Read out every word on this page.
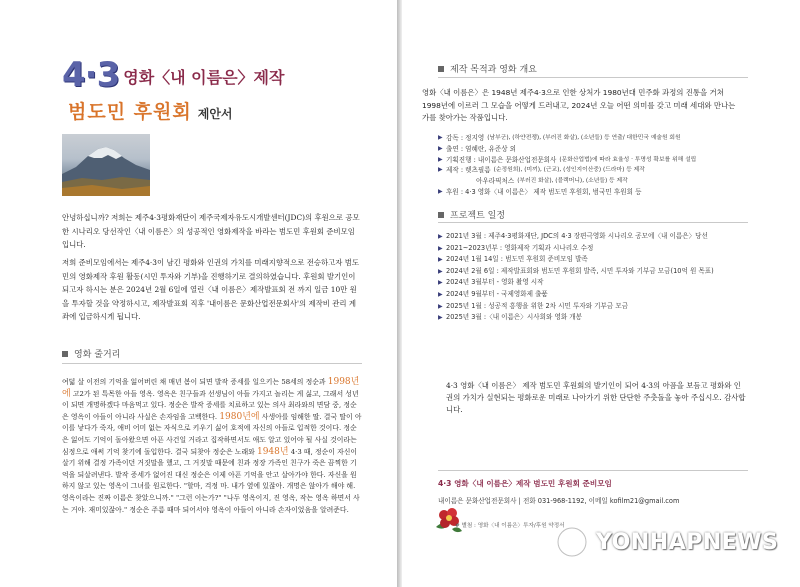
4·3 영화〈내 이름은〉제작
범도민 후원회 제안서
안녕하십니까? 저희는 제주4·3평화재단이 제주국제자유도시개발센터(JDC)의 후원으로 공모한 시나리오 당선작인〈내 이름은〉의 성공적인 영화제작을 바라는 범도민 후원회 준비모임입니다.
저희 준비모임에서는 제주4·3이 남긴 평화와 인권의 가치를 미래지향적으로 전승하고자 범도민의 영화제작 후원 활동(시민 투자와 기부)을 진행하기로 결의하였습니다. 후원회 발기인이 되고자 하시는 분은 2024년 2월 6일에 열린〈내 이름은〉제작발표회 전 까지 일금 10만 원을 투자할 것을 약정하시고, 제작발표회 직후 '내이름은 문화산업전문회사'의 제작비 관리 계좌에 입금하시게 됩니다.
영화 줄거리
여덟 살 이전의 기억을 잃어버린 채 매년 봄이 되면 발작 증세를 일으키는 58세의 정순과 1998년에 고2가 된 특목한 아들 영옥. 영옥은 친구들과 선생님이 아들 가지고 놀리는 게 싫고, 그래서 성년이 되면 개명하겠다 마음먹고 있다. 정순은 발작 증세를 치료하고 있는 의사 최라와의 면담 중, 정순은 영옥이 아들이 아니라 사실은 손자임을 고백한다. 1980년에 사생아를 임해한 딸. 결국 딸이 아이를 낳다가 죽자, 애비 어미 없는 자식으로 키우기 싫어 호적에 자신의 아들로 입적한 것이다. 정순은 잃어도 기억이 돌아왔으면 아픈 사건일 거라고 집작하면서도 애도 알고 있어야 될 사실 것이라는 심정으로 애써 기억 찾기에 돌입한다. 결국 되찾아 정순은 노래와 1948년 4·3 때, 정순이 자신이 살기 위해 결정 가족이던 거짓말을 했고, 그 거짓말 때문에 친과 정장 가족인 친구가 죽은 끔찍한 기억을 되살려낸다. 발작 증세가 없어진 대신 정순은 이제 아픈 기억을 안고 살아가야 한다. 자신을 원하지 않고 있는 영옥이 그녀를 원로한다. "할마, 걱정 마. 내가 옆에 있잖아. 개명은 않아가 해야 해. 영옥이라는 진짜 이름은 찾았으니까." "그런 이는가?" "나두 영옥이지, 진 영옥, 작는 영옥 하면서 사는 거야. 재미있잖아." 정순은 주름 때마 되어서야 영옥이 아들이 아니라 손자이었음을 알려준다.
제작 목적과 영화 개요
영화〈내 이름은〉은 1948년 제주4·3으로 인한 상처가 1980년대 민주화 과정의 진통을 거쳐 1998년에 이르러 그 모습을 어떻게 드러내고, 2024년 오늘 어떤 의미를 갖고 미래 세대와 만나는가를 찾아가는 작품입니다.
▶ 감독 : 정지영 (남부군), (하얀전쟁), (부러진 화살), (소년들) 등 연출/ 대한민국 예술원 회원
▶ 출연 : 염혜란, 유준상 외
▶ 기획진행 : 내이름은 문화산업전문회사 (문화산업법)에 따라 효율성 · 투명성 확보를 위해 설립
▶ 제작 : 렛츠필름 (순정원희), (미끼), (근교), (성인지이산중) (드라마) 등 제작
아우라픽처스 (부러진 화살), (블랙머니), (소년들) 등 제작
▶ 후원 : 4·3 영화〈내 이름은〉 제작 범도민 후원회, 범국민 후원회 등
프로젝트 일정
▶ 2021년 3월 : 제주4·3평화재단, JDC의 4·3 장편극영화 시나리오 공모에〈내 이름은〉당선
▶ 2021~2023년부 : 영화제작 기획과 시나리오 수정
▶ 2024년 1월 14일 : 범도민 후원회 준비모임 발족
▶ 2024년 2월 6일 : 제작발표회와 범도민 후원회 발족, 시민 투자와 기부금 모금(10억 원 목표)
▶ 2024년 3월부터 - 영화 촬영 시작
▶ 2024년 9월부터 - 국제영화제 출품
▶ 2025년 1월 : 성공적 흥행을 위한 2차 시민 투자와 기부금 모금
▶ 2025년 3월 :〈내 이름은〉시사회와 영화 개봉
4·3 영화〈내 이름은〉 제작 범도민 후원회의 발기인이 되어 4·3의 아픔을 보듬고 평화와 인권의 가치가 실현되는 평화로운 미래로 나아가기 위한 단단한 주춧돌을 놓아 주십시오. 감사합니다.
4·3 영화〈내 이름은〉제작 범도민 후원회 준비모임
내이름은 문화산업전문회사 | 전화 031-968-1192, 이메일 kofilm21@gmail.com
# 별첨 : 영화〈내 이름은〉투자/후원 약정서
YONHAPNEWS
